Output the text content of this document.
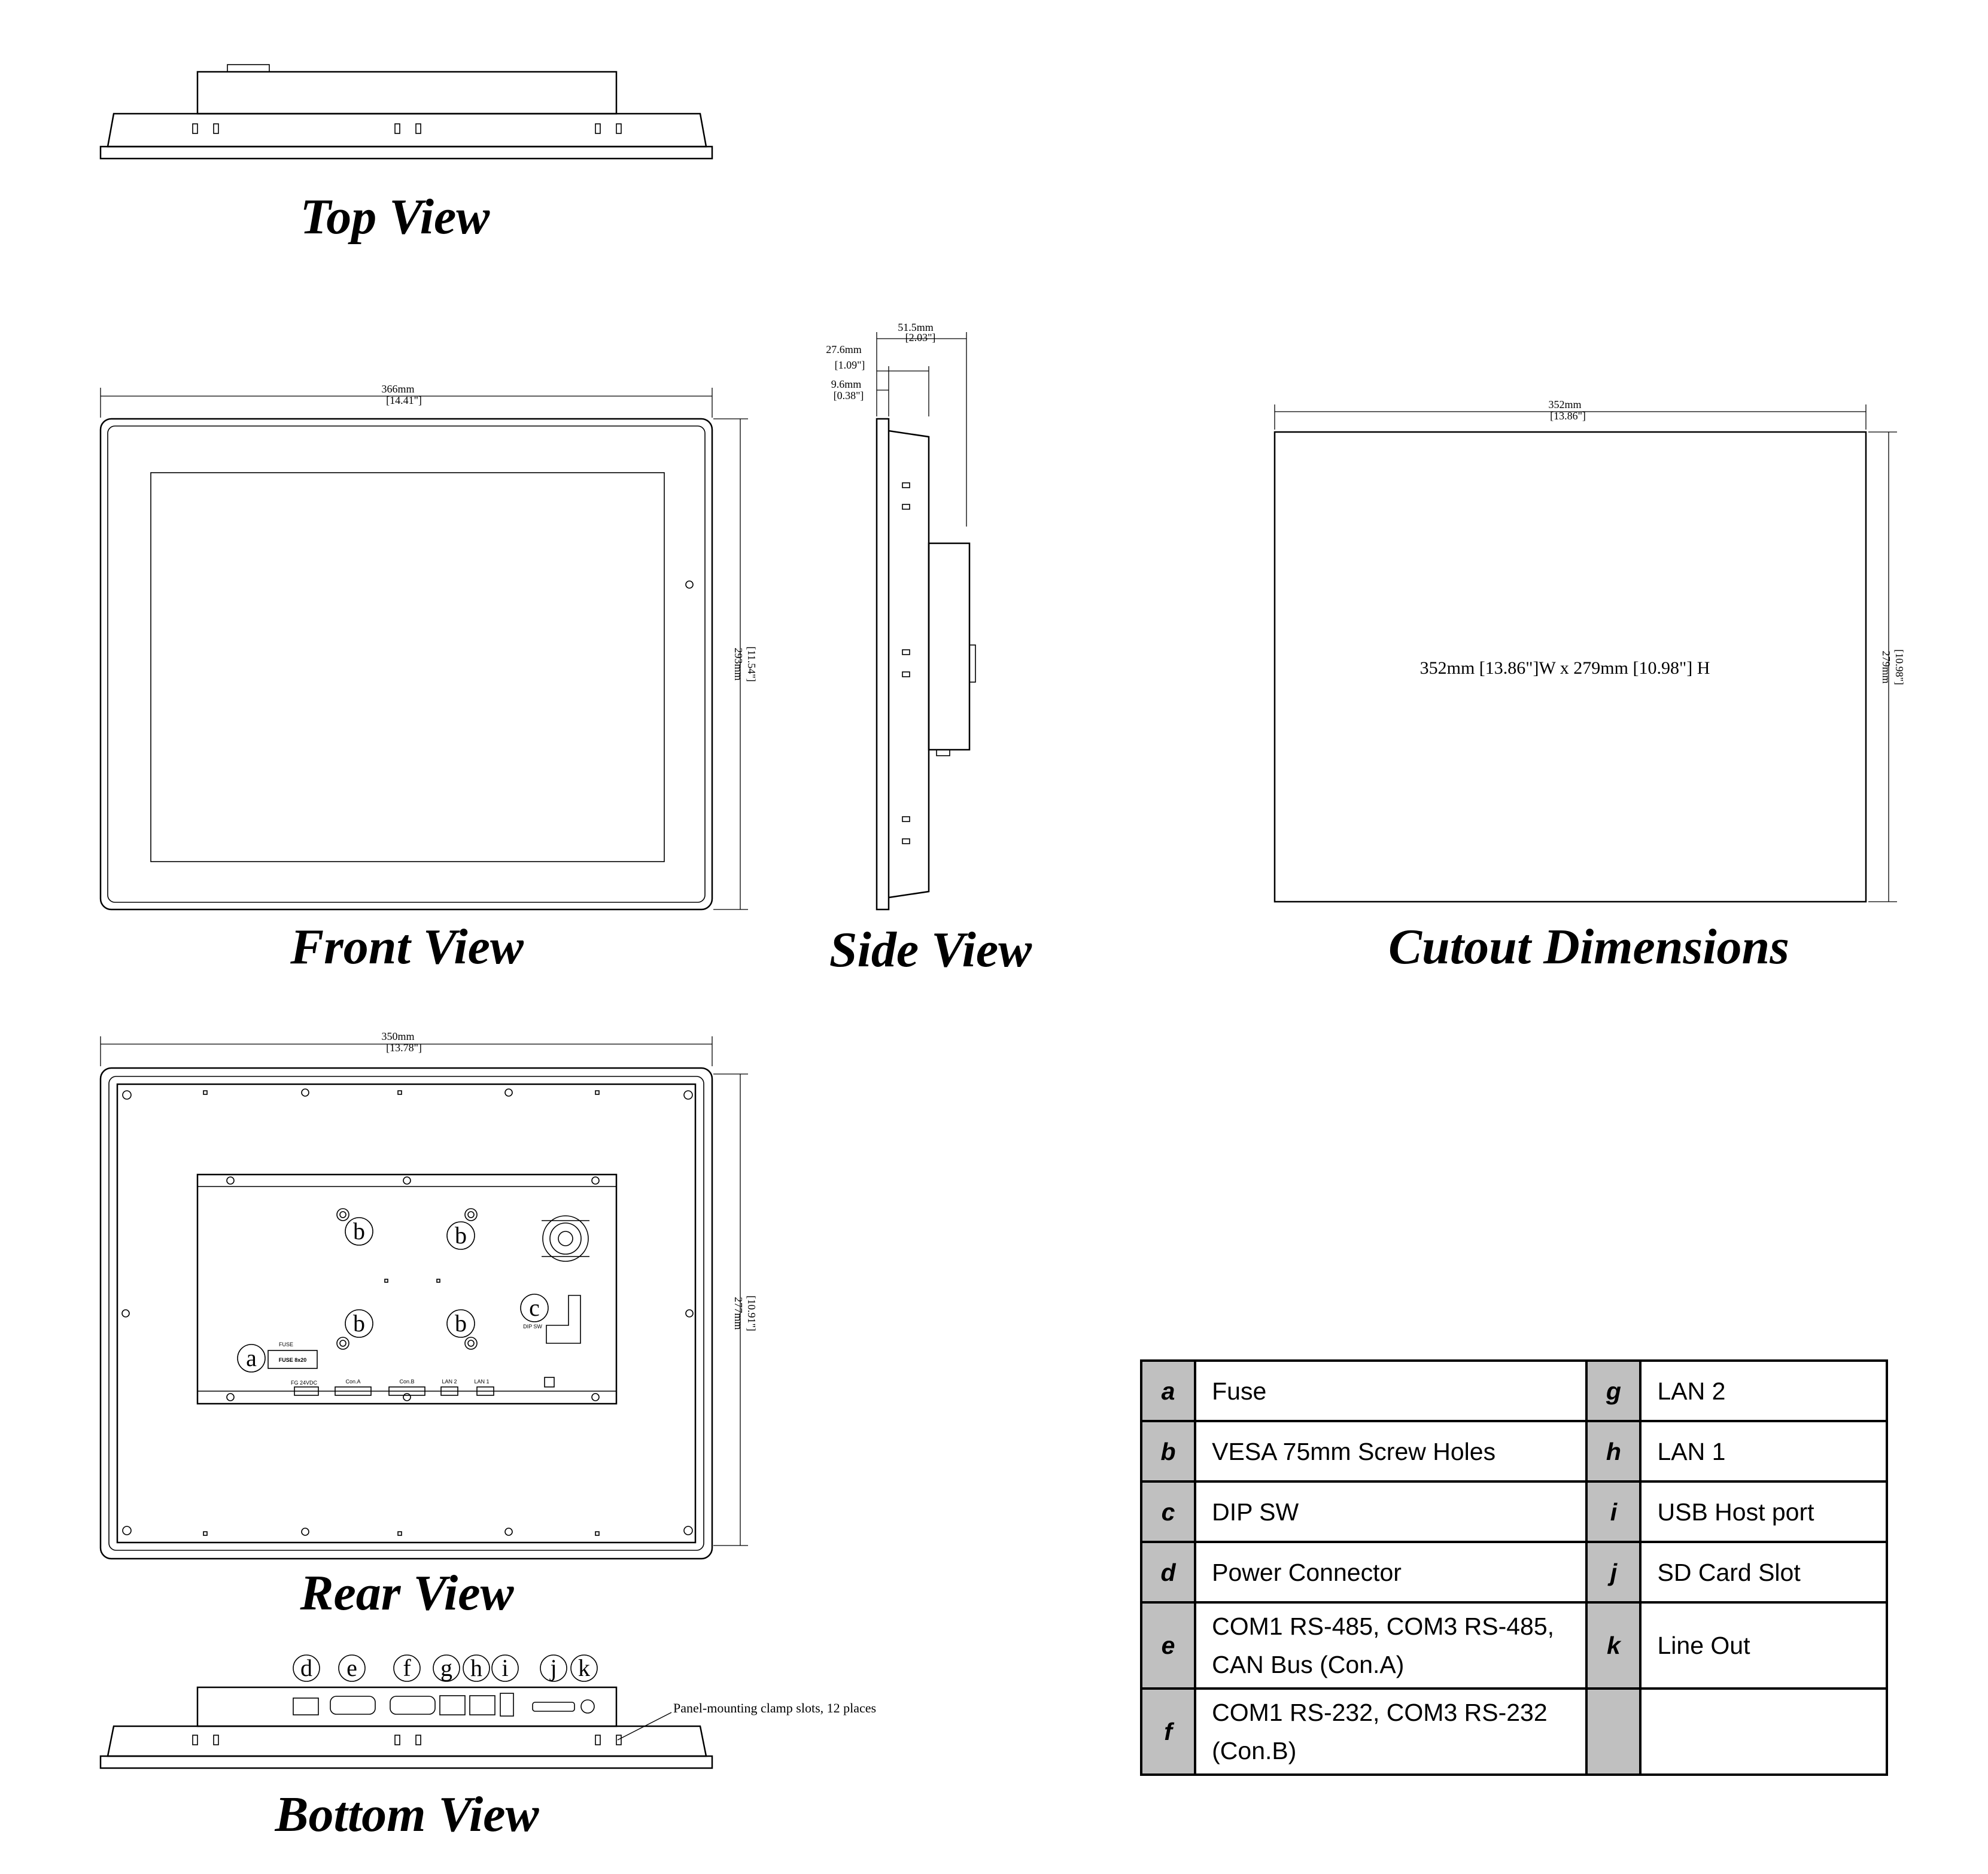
Top View
366mm
[14.41"]
293mm [11.54"]
Front View
51.5mm
[2.03"]
27.6mm
[1.09"]
9.6mm
[0.38"]
Side View
352mm
[13.86"]
279mm [10.98"]
352mm [13.86"]W x 279mm [10.98"] H
Cutout Dimensions
350mm
[13.78"]
277mm [10.91"]
FUSE
FUSE 8x20
DIP SW
Con.A	Con.B	LAN 2	LAN 1
FG 24VDC
a
b	b
b	b
c
Rear View
Panel-mounting clamp slots, 12 places
d e f g h i j k
Bottom View
a	Fuse	g	LAN 2
b	VESA 75mm Screw Holes	h	LAN 1
c	DIP SW	i	USB Host port
d	Power Connector	j	SD Card Slot
e	COM1 RS-485, COM3 RS-485, CAN Bus (Con.A)	k	Line Out
f	COM1 RS-232, COM3 RS-232 (Con.B)		
